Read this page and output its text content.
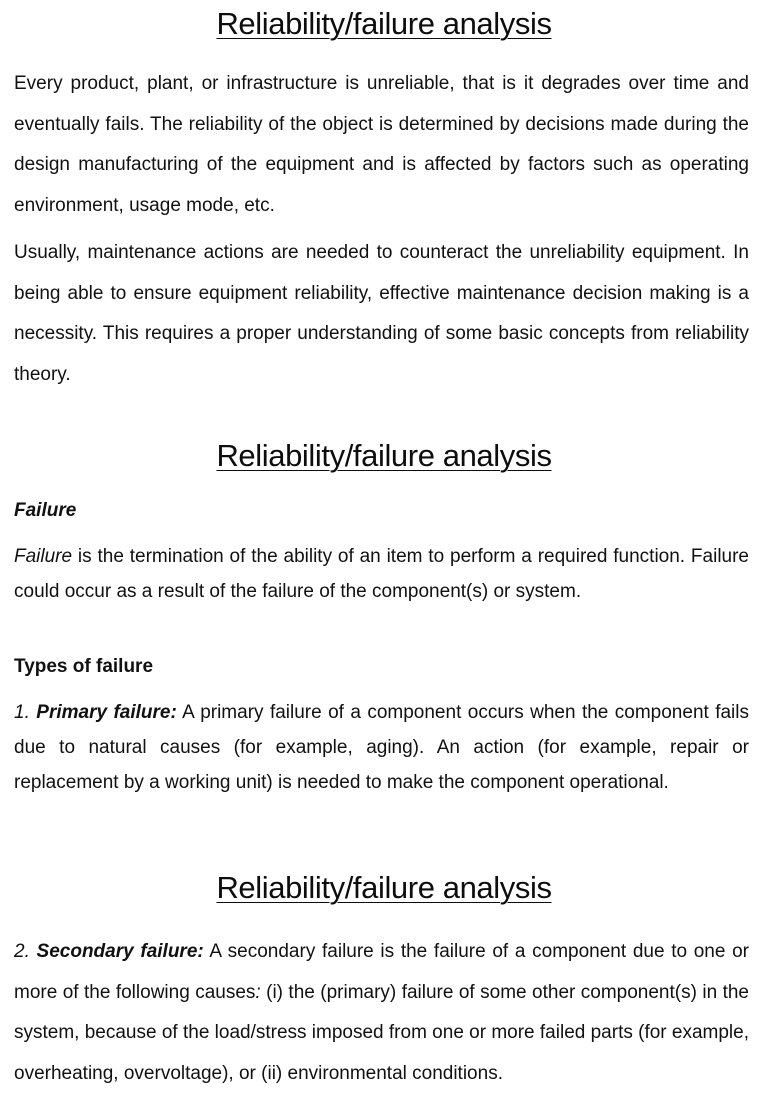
Reliability/failure analysis

Every product, plant, or infrastructure is unreliable, that is it degrades over time and eventually fails. The reliability of the object is determined by decisions made during the design manufacturing of the equipment and is affected by factors such as operating environment, usage mode, etc.

Usually, maintenance actions are needed to counteract the unreliability equipment. In being able to ensure equipment reliability, effective maintenance decision making is a necessity. This requires a proper understanding of some basic concepts from reliability theory.

Reliability/failure analysis

Failure

Failure is the termination of the ability of an item to perform a required function. Failure could occur as a result of the failure of the component(s) or system.

Types of failure

1. Primary failure: A primary failure of a component occurs when the component fails due to natural causes (for example, aging). An action (for example, repair or replacement by a working unit) is needed to make the component operational.

Reliability/failure analysis

2. Secondary failure: A secondary failure is the failure of a component due to one or more of the following causes: (i) the (primary) failure of some other component(s) in the system, because of the load/stress imposed from one or more failed parts (for example, overheating, overvoltage), or (ii) environmental conditions.
